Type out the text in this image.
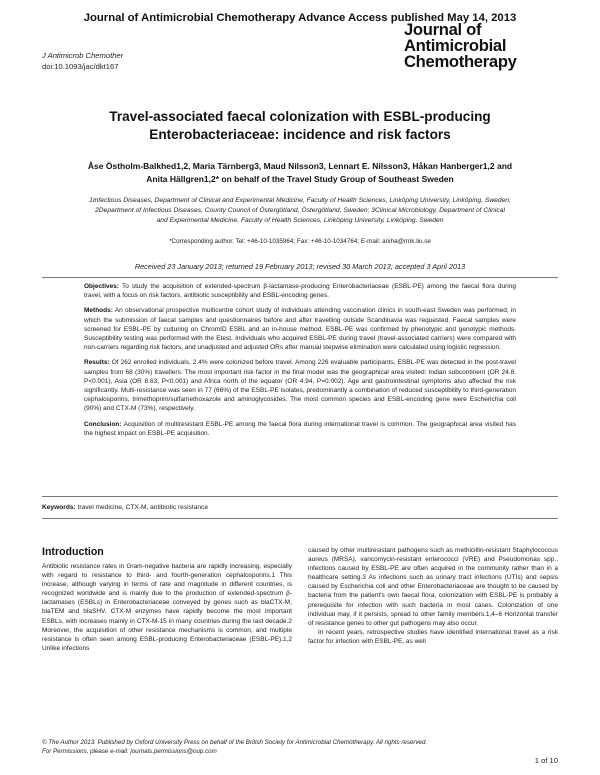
Journal of Antimicrobial Chemotherapy Advance Access published May 14, 2013
Journal of
Antimicrobial
Chemotherapy
J Antimicrob Chemother
doi:10.1093/jac/dkt167
Travel-associated faecal colonization with ESBL-producing
Enterobacteriaceae: incidence and risk factors
Åse Östholm-Balkhed1,2, Maria Tärnberg3, Maud Nilsson3, Lennart E. Nilsson3, Håkan Hanberger1,2 and
Anita Hällgren1,2* on behalf of the Travel Study Group of Southeast Sweden
1Infectious Diseases, Department of Clinical and Experimental Medicine, Faculty of Health Sciences, Linköping University, Linköping, Sweden;
2Department of Infectious Diseases, County Council of Östergötland, Östergötland, Sweden; 3Clinical Microbiology, Department of Clinical
and Experimental Medicine, Faculty of Health Sciences, Linköping University, Linköping, Sweden
*Corresponding author. Tel: +46-10-1035964; Fax: +46-10-1034764; E-mail: aniha@rmk.liu.se
Received 23 January 2013; returned 19 February 2013; revised 30 March 2013; accepted 3 April 2013

Objectives: To study the acquisition of extended-spectrum β-lactamase-producing Enterobacteriaceae (ESBL-PE) among the faecal flora during travel, with a focus on risk factors, antibiotic susceptibility and ESBL-encoding genes.

Methods: An observational prospective multicentre cohort study of individuals attending vaccination clinics in south-east Sweden was performed, in which the submission of faecal samples and questionnaires before and after travelling outside Scandinavia was requested. Faecal samples were screened for ESBL-PE by culturing on ChromID ESBL and an in-house method. ESBL-PE was confirmed by phenotypic and genotypic methods. Susceptibility testing was performed with the Etest. Individuals who acquired ESBL-PE during travel (travel-associated carriers) were compared with non-carriers regarding risk factors, and unadjusted and adjusted ORs after manual stepwise elimination were calculated using logistic regression.

Results: Of 262 enrolled individuals, 2.4% were colonized before travel. Among 226 evaluable participants, ESBL-PE was detected in the post-travel samples from 68 (30%) travellers. The most important risk factor in the final model was the geographical area visited: Indian subcontinent (OR 24.8, P<0.001), Asia (OR 8.63, P<0.001) and Africa north of the equator (OR 4.94, P=0.002). Age and gastrointestinal symptoms also affected the risk significantly. Multi-resistance was seen in 77 (66%) of the ESBL-PE isolates, predominantly a combination of reduced susceptibility to third-generation cephalosporins, trimethoprim/sulfamethoxazole and aminoglycosides. The most common species and ESBL-encoding gene were Escherichia coli (90%) and CTX-M (73%), respectively.

Conclusion: Acquisition of multiresistant ESBL-PE among the faecal flora during international travel is common. The geographical area visited has the highest impact on ESBL-PE acquisition.

Keywords: travel medicine, CTX-M, antibiotic resistance
Introduction

Antibiotic resistance rates in Gram-negative bacteria are rapidly increasing, especially with regard to resistance to third- and fourth-generation cephalosporins.1 This increase, although varying in terms of rate and magnitude in different countries, is recognized worldwide and is mainly due to the production of extended-spectrum β-lactamases (ESBLs) in Enterobacteriaceae conveyed by genes such as blaCTX-M, blaTEM and blaSHV. CTX-M enzymes have rapidly become the most important ESBLs, with increases mainly in CTX-M-15 in many countries during the last decade.2 Moreover, the acquisition of other resistance mechanisms is common, and multiple resistance is often seen among ESBL-producing Enterobacteriaceae (ESBL-PE).1,2 Unlike infections

caused by other multiresistant pathogens such as methicillin-resistant Staphylococcus aureus (MRSA), vancomycin-resistant enterococci (VRE) and Pseudomonas spp., infections caused by ESBL-PE are often acquired in the community rather than in a healthcare setting.3 As infections such as urinary tract infections (UTIs) and sepsis caused by Escherichia coli and other Enterobacteriaceae are thought to be caused by bacteria from the patient's own faecal flora, colonization with ESBL-PE is probably a prerequisite for infection with such bacteria in most cases. Colonization of one individual may, if it persists, spread to other family members.1,4–6 Horizontal transfer of resistance genes to other gut pathogens may also occur.

In recent years, retrospective studies have identified international travel as a risk factor for infection with ESBL-PE, as well

© The Author 2013. Published by Oxford University Press on behalf of the British Society for Antimicrobial Chemotherapy. All rights reserved.
For Permissions, please e-mail: journals.permissions@oup.com
1 of 10
